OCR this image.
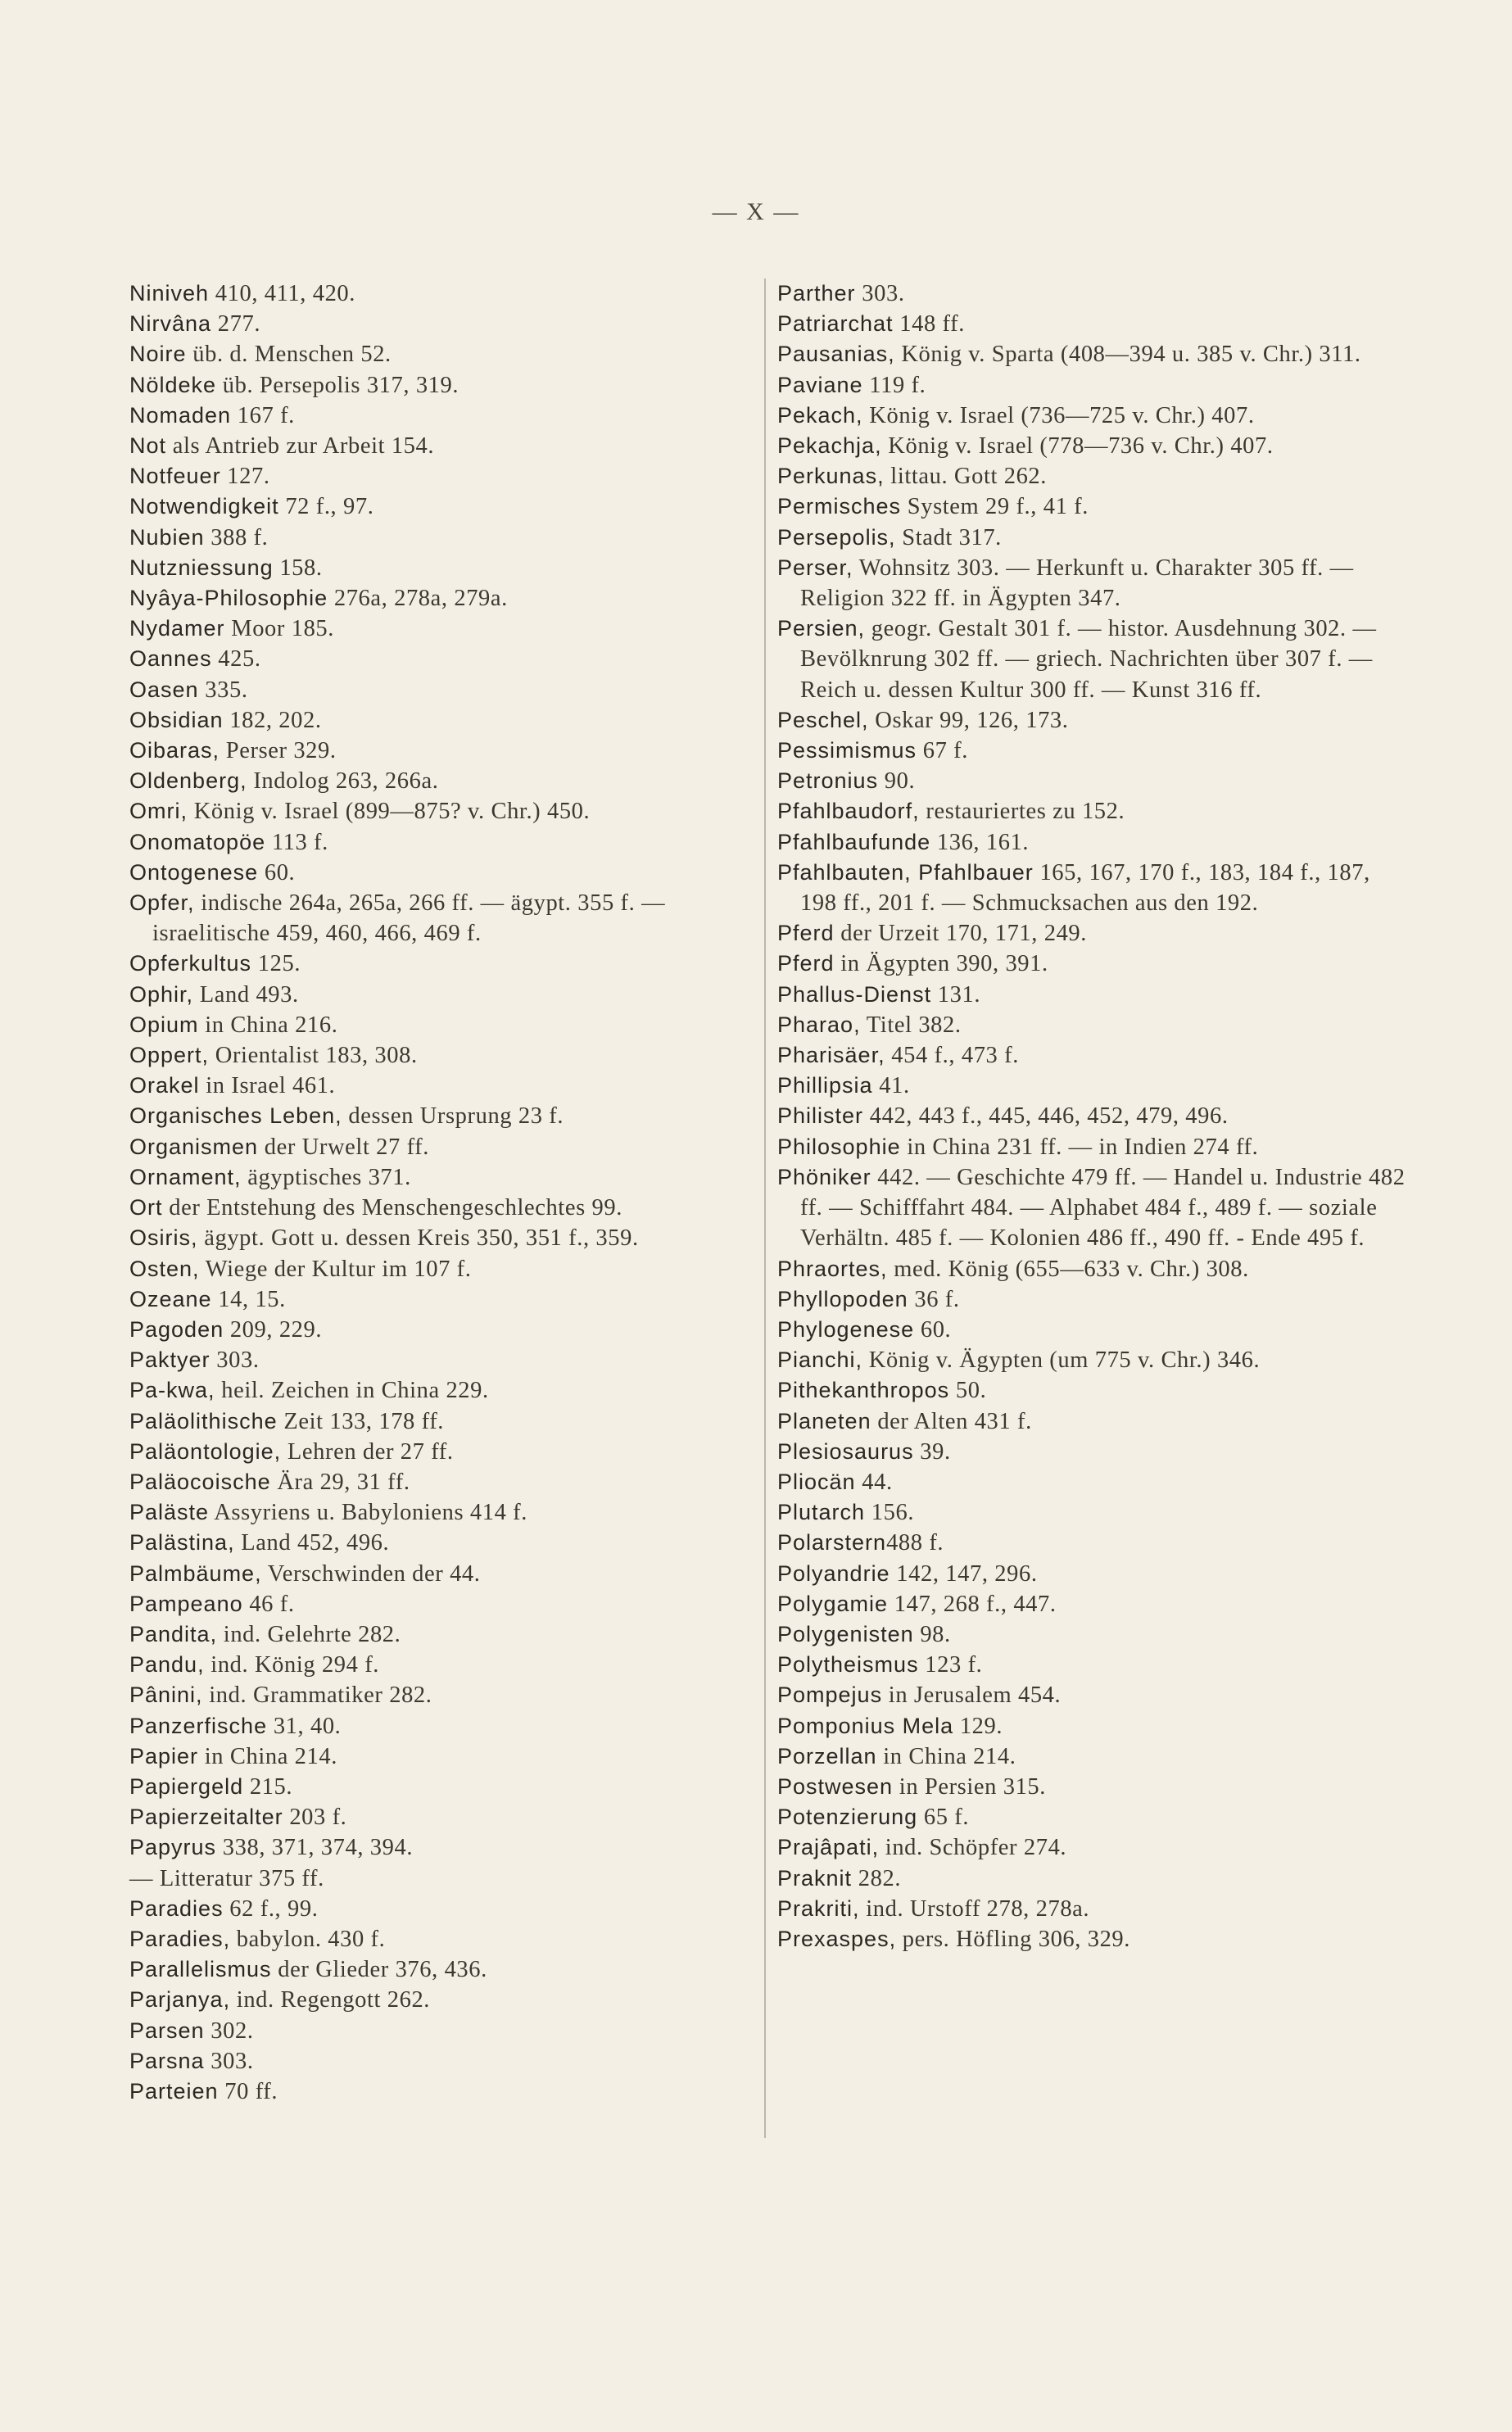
— X —

Niniveh 410, 411, 420.

Nirvâna 277.

Noire üb. d. Menschen 52.

Nöldeke üb. Persepolis 317, 319.

Nomaden 167 f.

Not als Antrieb zur Arbeit 154.

Notfeuer 127.

Notwendigkeit 72 f., 97.

Nubien 388 f.

Nutzniessung 158.

Nyâya-Philosophie 276a, 278a, 279a.

Nydamer Moor 185.

Oannes 425.

Oasen 335.

Obsidian 182, 202.

Oibaras, Perser 329.

Oldenberg, Indolog 263, 266a.

Omri, König v. Israel (899—875? v. Chr.) 450.

Onomatopöe 113 f.

Ontogenese 60.

Opfer, indische 264a, 265a, 266 ff. — ägypt. 355 f. — israelitische 459, 460, 466, 469 f.

Opferkultus 125.

Ophir, Land 493.

Opium in China 216.

Oppert, Orientalist 183, 308.

Orakel in Israel 461.

Organisches Leben, dessen Ursprung 23 f.

Organismen der Urwelt 27 ff.

Ornament, ägyptisches 371.

Ort der Entstehung des Menschengeschlechtes 99.

Osiris, ägypt. Gott u. dessen Kreis 350, 351 f., 359.

Osten, Wiege der Kultur im 107 f.

Ozeane 14, 15.

Pagoden 209, 229.

Paktyer 303.

Pa-kwa, heil. Zeichen in China 229.

Paläolithische Zeit 133, 178 ff.

Paläontologie, Lehren der 27 ff.

Paläocoische Ära 29, 31 ff.

Paläste Assyriens u. Babyloniens 414 f.

Palästina, Land 452, 496.

Palmbäume, Verschwinden der 44.

Pampeano 46 f.

Pandita, ind. Gelehrte 282.

Pandu, ind. König 294 f.

Pânini, ind. Grammatiker 282.

Panzerfische 31, 40.

Papier in China 214.

Papiergeld 215.

Papierzeitalter 203 f.

Papyrus 338, 371, 374, 394.

— Litteratur 375 ff.

Paradies 62 f., 99.

Paradies, babylon. 430 f.

Parallelismus der Glieder 376, 436.

Parjanya, ind. Regengott 262.

Parsen 302.

Parsna 303.

Parteien 70 ff.

Parther 303.

Patriarchat 148 ff.

Pausanias, König v. Sparta (408—394 u. 385 v. Chr.) 311.

Paviane 119 f.

Pekach, König v. Israel (736—725 v. Chr.) 407.

Pekachja, König v. Israel (778—736 v. Chr.) 407.

Perkunas, littau. Gott 262.

Permisches System 29 f., 41 f.

Persepolis, Stadt 317.

Perser, Wohnsitz 303. — Herkunft u. Charakter 305 ff. — Religion 322 ff. in Ägypten 347.

Persien, geogr. Gestalt 301 f. — histor. Ausdehnung 302. — Bevölknrung 302 ff. — griech. Nachrichten über 307 f. — Reich u. dessen Kultur 300 ff. — Kunst 316 ff.

Peschel, Oskar 99, 126, 173.

Pessimismus 67 f.

Petronius 90.

Pfahlbaudorf, restauriertes zu 152.

Pfahlbaufunde 136, 161.

Pfahlbauten, Pfahlbauer 165, 167, 170 f., 183, 184 f., 187, 198 ff., 201 f. — Schmucksachen aus den 192.

Pferd der Urzeit 170, 171, 249.

Pferd in Ägypten 390, 391.

Phallus-Dienst 131.

Pharao, Titel 382.

Pharisäer, 454 f., 473 f.

Phillipsia 41.

Philister 442, 443 f., 445, 446, 452, 479, 496.

Philosophie in China 231 ff. — in Indien 274 ff.

Phöniker 442. — Geschichte 479 ff. — Handel u. Industrie 482 ff. — Schifffahrt 484. — Alphabet 484 f., 489 f. — soziale Verhältn. 485 f. — Kolonien 486 ff., 490 ff. - Ende 495 f.

Phraortes, med. König (655—633 v. Chr.) 308.

Phyllopoden 36 f.

Phylogenese 60.

Pianchi, König v. Ägypten (um 775 v. Chr.) 346.

Pithekanthropos 50.

Planeten der Alten 431 f.

Plesiosaurus 39.

Pliocän 44.

Plutarch 156.

Polarstern488 f.

Polyandrie 142, 147, 296.

Polygamie 147, 268 f., 447.

Polygenisten 98.

Polytheismus 123 f.

Pompejus in Jerusalem 454.

Pomponius Mela 129.

Porzellan in China 214.

Postwesen in Persien 315.

Potenzierung 65 f.

Prajâpati, ind. Schöpfer 274.

Praknit 282.

Prakriti, ind. Urstoff 278, 278a.

Prexaspes, pers. Höfling 306, 329.
